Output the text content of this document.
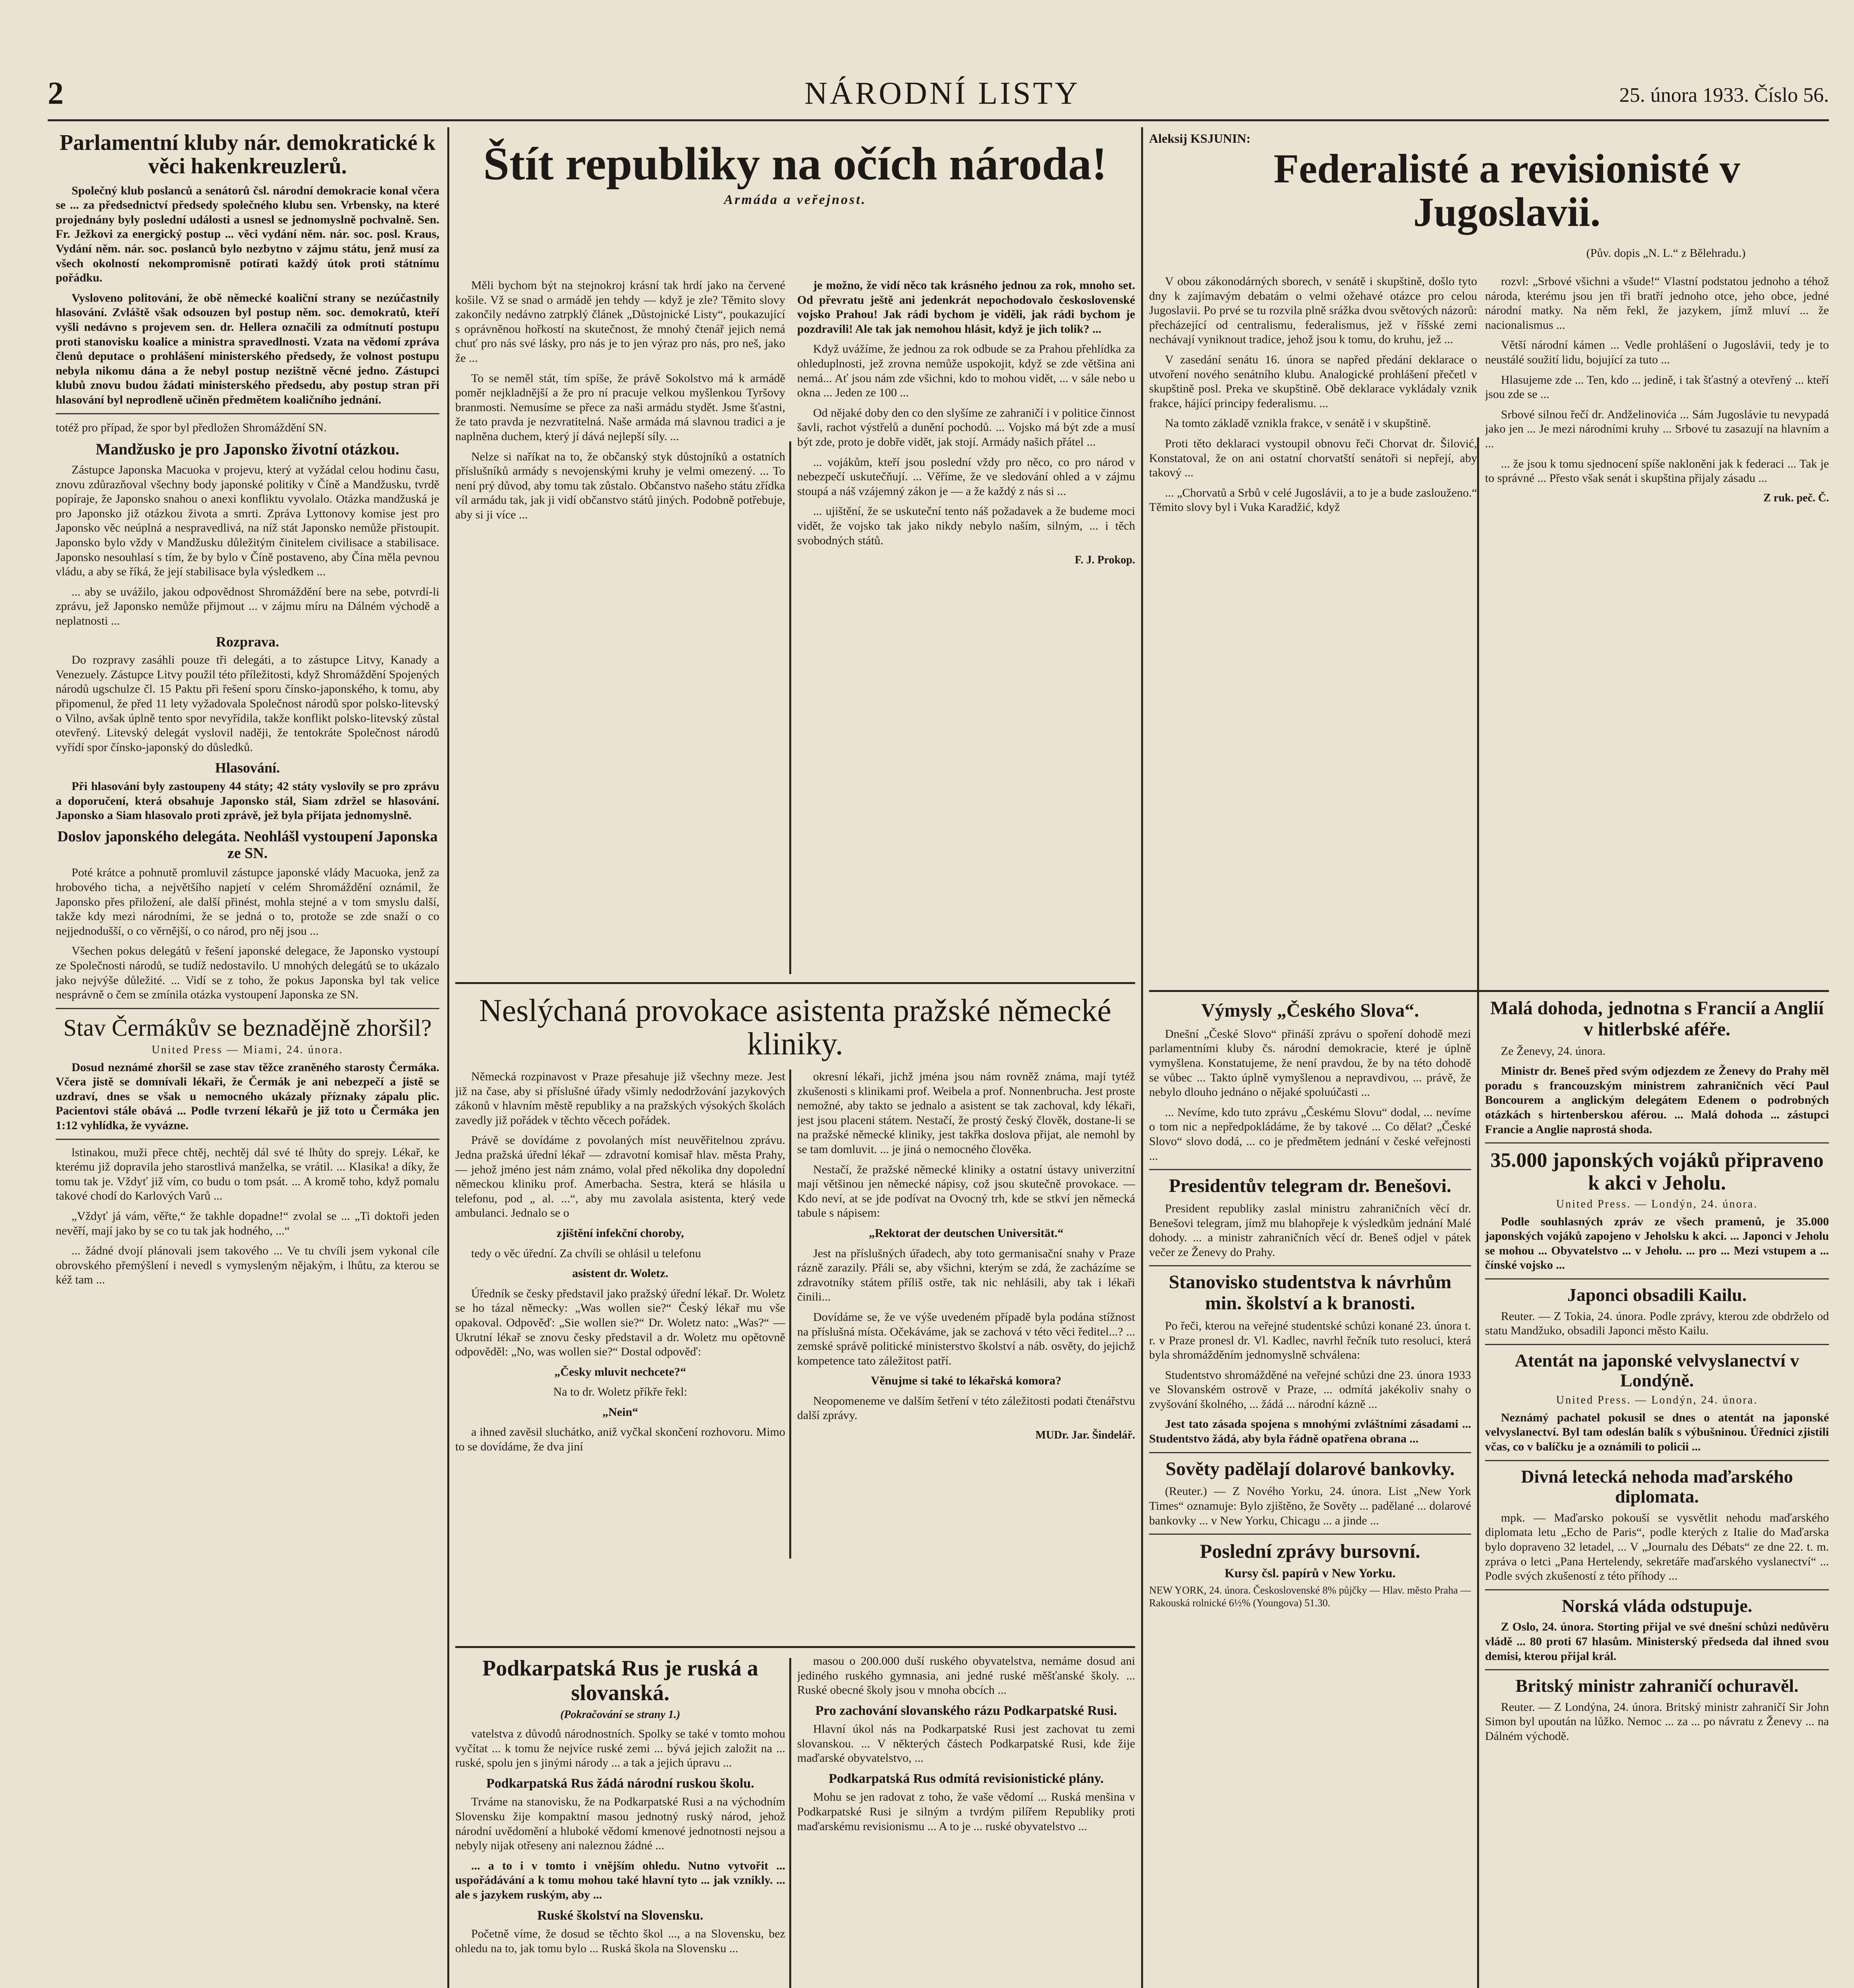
2	NÁRODNÍ LISTY	25. února 1933. Číslo 56.
Parlamentní kluby nár. demokratické k věci hakenkreuzlerů.

Společný klub poslanců a senátorů čsl. národní demokracie konal včera se ... za předsednictví předsedy společného klubu sen. Vrbensky, na které projednány byly poslední události a usnesl se jednomyslně pochvalně. Sen. Fr. Ježkovi za energický postup ... věci vydání něm. nár. soc. posl. Kraus, Vydání něm. nár. soc. poslanců bylo nezbytno v zájmu státu, jenž musí za všech okolností nekompromisně potírati každý útok proti státnímu pořádku.

Vysloveno politování, že obě německé koaliční strany se nezúčastnily hlasování. Zvláště však odsouzen byl postup něm. soc. demokratů, kteří vyšli nedávno s projevem sen. dr. Hellera označili za odmítnutí postupu proti stanovisku koalice a ministra spravedlnosti. Vzata na vědomí zpráva členů deputace o prohlášení ministerského předsedy, že volnost postupu nebyla nikomu dána a že nebyl postup nezištně věcné jedno. Zástupci klubů znovu budou žádati ministerského předsedu, aby postup stran při hlasování byl neprodleně učiněn předmětem koaličního jednání.

totéž pro případ, že spor byl předložen Shromáždění SN.
Mandžusko je pro Japonsko životní otázkou.

Zástupce Japonska Macuoka v projevu, který at vyžádal celou hodinu času, znovu zdůrazňoval všechny body japonské politiky v Číně a Mandžusku, tvrdě popíraje, že Japonsko snahou o anexi konfliktu vyvolalo. Otázka mandžuská je pro Japonsko již otázkou života a smrti. Zpráva Lyttonovy komise jest pro Japonsko věc neúplná a nespravedlivá, na níž stát Japonsko nemůže přistoupit. Japonsko bylo vždy v Mandžusku důležitým činitelem civilisace a stabilisace. Japonsko nesouhlasí s tím, že by bylo v Číně postaveno, aby Čína měla pevnou vládu, a aby se říká, že její stabilisace byla výsledkem ...

... aby se uvážilo, jakou odpovědnost Shromáždění bere na sebe, potvrdí-li zprávu, jež Japonsko nemůže přijmout ... v zájmu míru na Dálném východě a neplatnosti ...

Rozprava.

Do rozpravy zasáhli pouze tři delegáti, a to zástupce Litvy, Kanady a Venezuely. Zástupce Litvy použil této příležitosti, když Shromáždění Spojených národů ugschulze čl. 15 Paktu při řešení sporu čínsko-japonského, k tomu, aby připomenul, že před 11 lety vyžadovala Společnost národů spor polsko-litevský o Vilno, avšak úplně tento spor nevyřídila, takže konflikt polsko-litevský zůstal otevřený. Litevský delegát vyslovil naději, že tentokráte Společnost národů vyřídí spor čínsko-japonský do důsledků.

Hlasování.

Při hlasování byly zastoupeny 44 státy; 42 státy vyslovily se pro zprávu a doporučení, která obsahuje Japonsko stál, Siam zdržel se hlasování. Japonsko a Siam hlasovalo proti zprávě, jež byla přijata jednomyslně.

Doslov japonského delegáta. Neohlášl vystoupení Japonska ze SN.

Poté krátce a pohnutě promluvil zástupce japonské vlády Macuoka, jenž za hrobového ticha, a největšího napjetí v celém Shromáždění oznámil, že Japonsko přes přiložení, ale další přinést, mohla stejné a v tom smyslu další, takže kdy mezi národními, že se jedná o to, protože se zde snaží o co nejjednodušší, o co věrnější, o co národ, pro něj jsou ...

Všechen pokus delegátů v řešení japonské delegace, že Japonsko vystoupí ze Společnosti národů, se tudíž nedostavilo. U mnohých delegátů se to ukázalo jako nejvýše důležité. ... Vidí se z toho, že pokus Japonska byl tak velice nesprávně o čem se zmínila otázka vystoupení Japonska ze SN.

Stav Čermákův se beznadějně zhoršil?
United Press — Miami, 24. února.

Dosud neznámé zhoršil se zase stav těžce zraněného starosty Čermáka. Včera jistě se domnívali lékaři, že Čermák je ani nebezpečí a jistě se uzdraví, dnes se však u nemocného ukázaly příznaky zápalu plic. Pacientovi stále obává ... Podle tvrzení lékařů je již toto u Čermáka jen 1:12 vyhlídka, že vyvázne.

lstinakou, muži přece chtěj, nechtěj dál své té lhůty do sprejy. Lékař, ke kterému již dopravila jeho starostlivá manželka, se vrátil. ... Klasika! a díky, že tomu tak je. Vždyť již vím, co budu o tom psát. ... A kromě toho, když pomalu takové chodí do Karlových Varů ...

„Vždyť já vám, věřte,“ že takhle dopadne!“ zvolal se ... „Ti doktoři jeden nevěří, mají jako by se co tu tak jak hodného, ...“

... žádné dvojí plánovali jsem takového ... Ve tu chvíli jsem vykonal cíle obrovského přemýšlení i nevedl s vymysleným nějakým, i lhůtu, za kterou se kéž tam ...

Štít republiky na očích národa!
Armáda a veřejnost.

Měli bychom být na stejnokroj krásní tak hrdí jako na červené košile. Vž se snad o armádě jen tehdy — když je zle? Těmito slovy zakončily nedávno zatrpklý článek „Důstojnické Listy“, poukazující s oprávněnou hořkostí na skutečnost, že mnohý čtenář jejich nemá chuť pro nás své lásky, pro nás je to jen výraz pro nás, pro neš, jako že ...

To se neměl stát, tím spíše, že právě Sokolstvo má k armádě poměr nejkladnější a že pro ní pracuje velkou myšlenkou Tyršovy branmosti. Nemusíme se přece za naši armádu stydět. Jsme šťastni, že tato pravda je nezvratitelná. Naše armáda má slavnou tradici a je naplněna duchem, který jí dává nejlepší síly. ...

Nelze si naříkat na to, že občanský styk důstojníků a ostatních příslušníků armády s nevojenskými kruhy je velmi omezený. ... To není prý důvod, aby tomu tak zůstalo. Občanstvo našeho státu zřídka víl armádu tak, jak ji vidí občanstvo států jiných. Podobně potřebuje, aby si ji více ...

je možno, že vidí něco tak krásného jednou za rok, mnoho set. Od převratu ještě ani jedenkrát nepochodovalo československé vojsko Prahou! Jak rádi bychom je viděli, jak rádi bychom je pozdravili! Ale tak jak nemohou hlásit, když je jich tolik? ...

Když uvážíme, že jednou za rok odbude se za Prahou přehlídka za ohleduplnosti, jež zrovna nemůže uspokojit, když se zde většina ani nemá... Ať jsou nám zde všichni, kdo to mohou vidět, ... v sále nebo u okna ... Jeden ze 100 ...

Od nějaké doby den co den slyšíme ze zahraničí i v politice činnost šavli, rachot výstřelů a dunění pochodů. ... Vojsko má být zde a musí být zde, proto je dobře vidět, jak stojí. Armády našich přátel ...

... vojákům, kteří jsou poslední vždy pro něco, co pro národ v nebezpečí uskutečňují. ... Věříme, že ve sledování ohled a v zájmu stoupá a náš vzájemný zákon je — a že každý z nás si ...

... ujištění, že se uskuteční tento náš požadavek a že budeme moci vidět, že vojsko tak jako nikdy nebylo naším, silným, ... i těch svobodných států.

F. J. Prokop.
Neslýchaná provokace asistenta pražské německé kliniky.

Německá rozpinavost v Praze přesahuje již všechny meze. Jest již na čase, aby si příslušné úřady všimly nedodržování jazykových zákonů v hlavním městě republiky a na pražských výsokých školách zavedly již pořádek v těchto věcech pořádek.

Právě se dovídáme z povolaných míst neuvěřitelnou zprávu. Jedna pražská úřední lékař — zdravotní komisař hlav. města Prahy, — jehož jméno jest nám známo, volal před několika dny dopolední německou kliniku prof. Amerbacha. Sestra, která se hlásila u telefonu, pod „ al. ...“, aby mu zavolala asistenta, který vede ambulanci. Jednalo se o

zjištění infekční choroby,

tedy o věc úřední. Za chvíli se ohlásil u telefonu

asistent dr. Woletz.

Úředník se česky představil jako pražský úřední lékař. Dr. Woletz se ho tázal německy: „Was wollen sie?“ Český lékař mu vše opakoval. Odpověď: „Sie wollen sie?“ Dr. Woletz nato: „Was?“ — Ukrutní lékař se znovu česky představil a dr. Woletz mu opětovně odpověděl: „No, was wollen sie?“ Dostal odpověď:

„Česky mluvit nechcete?“

Na to dr. Woletz příkře řekl:

„Nein“

a ihned zavěsil sluchátko, aniž vyčkal skončení rozhovoru. Mimo to se dovídáme, že dva jiní

okresní lékaři, jichž jména jsou nám rovněž známa, mají tytéž zkušenosti s klinikami prof. Weibela a prof. Nonnenbrucha. Jest proste nemožné, aby takto se jednalo a asistent se tak zachoval, kdy lékaři, jest jsou placeni státem. Nestačí, že prostý český člověk, dostane-li se na pražské německé kliniky, jest takřka doslova přijat, ale nemohl by se tam domluvit. ... je jiná o nemocného člověka.

Nestačí, že pražské německé kliniky a ostatní ústavy univerzitní mají většinou jen německé nápisy, což jsou skutečně provokace. — Kdo neví, at se jde podívat na Ovocný trh, kde se stkví jen německá tabule s nápisem:

„Rektorat der deutschen Universität.“

Jest na příslušných úřadech, aby toto germanisační snahy v Praze rázně zarazily. Přáli se, aby všichni, kterým se zdá, že zacházíme se zdravotníky státem příliš ostře, tak nic nehlásili, aby tak i lékaři činili...

Dovídáme se, že ve výše uvedeném případě byla podána stížnost na příslušná místa. Očekáváme, jak se zachová v této věci ředitel...? ... zemské správě politické ministerstvo školství a náb. osvěty, do jejichž kompetence tato záležitost patří.

Věnujme si také to lékařská komora?

Neopomeneme ve dalším šetření v této záležitosti podati čtenářstvu další zprávy.

MUDr. Jar. Šindelář.
Podkarpatská Rus je ruská a slovanská.
(Pokračování se strany 1.)

vatelstva z důvodů národnostních. Spolky se také v tomto mohou vyčítat ... k tomu že nejvíce ruské zemi ... bývá jejich založit na ... ruské, spolu jen s jinými národy ... a tak a jejich úpravu ...

Podkarpatská Rus žádá národní ruskou školu.

Trváme na stanovisku, že na Podkarpatské Rusi a na východním Slovensku žije kompaktní masou jednotný ruský národ, jehož národní uvědomění a hluboké vědomí kmenové jednotnosti nejsou a nebyly nijak otřeseny ani naleznou žádné ...

... a to i v tomto i vnějším ohledu. Nutno vytvořit ... uspořádávání a k tomu mohou také hlavní tyto ... jak vznikly. ... ale s jazykem ruským, aby ...

Ruské školství na Slovensku.

Početně víme, že dosud se těchto škol ..., a na Slovensku, bez ohledu na to, jak tomu bylo ... Ruská škola na Slovensku ...

masou o 200.000 duší ruského obyvatelstva, nemáme dosud ani jediného ruského gymnasia, ani jedné ruské měšťanské školy. ... Ruské obecné školy jsou v mnoha obcích ...

Pro zachování slovanského rázu Podkarpatské Rusi.

Hlavní úkol nás na Podkarpatské Rusi jest zachovat tu zemi slovanskou. ... V některých částech Podkarpatské Rusi, kde žije maďarské obyvatelstvo, ...

Podkarpatská Rus odmítá revisionistické plány.

Mohu se jen radovat z toho, že vaše vědomí ... Ruská menšina v Podkarpatské Rusi je silným a tvrdým pilířem Republiky proti maďarskému revisionismu ... A to je ... ruské obyvatelstvo ...

Aleksij KSJUNIN:
Federalisté a revisionisté v Jugoslavii.
(Pův. dopis „N. L.“ z Bělehradu.)

V obou zákonodárných sborech, v senátě i skupštině, došlo tyto dny k zajímavým debatám o velmi ožehavé otázce pro celou Jugoslavii. Po prvé se tu rozvila plně srážka dvou světových názorů: přecházející od centralismu, federalismus, jež v říšské zemi nechávají vyniknout tradice, jehož jsou k tomu, do kruhu, jež ...

V zasedání senátu 16. února se napřed předání deklarace o utvoření nového senátního klubu. Analogické prohlášení přečetl v skupštině posl. Preka ve skupštině. Obě deklarace vykládaly vznik frakce, hájící principy federalismu. ...

Na tomto základě vznikla frakce, v senátě i v skupštině.

Proti těto deklaraci vystoupil obnovu řeči Chorvat dr. Šilović, Konstatoval, že on ani ostatní chorvatští senátoři si nepřejí, aby takový ...

... „Chorvatů a Srbů v celé Jugoslávii, a to je a bude zaslouženo.“ Těmito slovy byl i Vuka Karadžić, když

rozvl: „Srbové všichni a všude!“ Vlastní podstatou jednoho a téhož národa, kterému jsou jen tři bratří jednoho otce, jeho obce, jedné národní matky. Na něm řekl, že jazykem, jímž mluví ... že nacionalismus ...

Větší národní kámen ... Vedle prohlášení o Jugoslávii, tedy je to neustálé soužití lidu, bojující za tuto ...

Hlasujeme zde ... Ten, kdo ... jedině, i tak šťastný a otevřený ... kteří jsou zde se ...

Srbové silnou řečí dr. Andželinovića ... Sám Jugoslávie tu nevypadá jako jen ... Je mezi národními kruhy ... Srbové tu zasazují na hlavním a ...

... že jsou k tomu sjednocení spíše nakloněni jak k federaci ... Tak je to správné ... Přesto však senát i skupština přijaly zásadu ...

Z ruk. peč. Č.
Výmysly „Českého Slova“.

Dnešní „České Slovo“ přináší zprávu o spoření dohodě mezi parlamentními kluby čs. národní demokracie, které je úplně vymyšlena. Konstatujeme, že není pravdou, že by na této dohodě se vůbec ... Takto úplně vymyšlenou a nepravdivou, ... právě, že nebylo dlouho jednáno o nějaké spoluúčasti ...

... Nevíme, kdo tuto zprávu „Českému Slovu“ dodal, ... nevíme o tom nic a nepředpokládáme, že by takové ... Co dělat? „České Slovo“ slovo dodá, ... co je předmětem jednání v české veřejnosti ...

Presidentův telegram dr. Benešovi.

President republiky zaslal ministru zahraničních věcí dr. Benešovi telegram, jímž mu blahopřeje k výsledkům jednání Malé dohody. ... a ministr zahraničních věcí dr. Beneš odjel v pátek večer ze Ženevy do Prahy.

Stanovisko studentstva k návrhům min. školství a k branosti.

Po řeči, kterou na veřejné studentské schůzi konané 23. února t. r. v Praze pronesl dr. Vl. Kadlec, navrhl řečník tuto resoluci, která byla shromážděním jednomyslně schválena:

Studentstvo shromážděné na veřejné schůzi dne 23. února 1933 ve Slovanském ostrově v Praze, ... odmítá jakékoliv snahy o zvyšování školného, ... žádá ... národní kázně ...

Jest tato zásada spojena s mnohými zvláštními zásadami ... Studentstvo žádá, aby byla řádně opatřena obrana ...

Sověty padělají dolarové bankovky.

(Reuter.) — Z Nového Yorku, 24. února. List „New York Times“ oznamuje: Bylo zjištěno, že Sověty ... padělané ... dolarové bankovky ... v New Yorku, Chicagu ... a jinde ...

Poslední zprávy bursovní.
Kursy čsl. papírů v New Yorku.
NEW YORK, 24. února. Československé 8% půjčky — Hlav. město Praha — Rakouská rolnické 6½% (Youngova) 51.30.
Malá dohoda, jednotna s Francií a Anglií v hitlerbské aféře.

Ze Ženevy, 24. února.

Ministr dr. Beneš před svým odjezdem ze Ženevy do Prahy měl poradu s francouzským ministrem zahraničních věcí Paul Boncourem a anglickým delegátem Edenem o podrobných otázkách s hirtenberskou aférou. ... Malá dohoda ... zástupci Francie a Anglie naprostá shoda.

35.000 japonských vojáků připraveno k akci v Jeholu.
United Press. — Londýn, 24. února.

Podle souhlasných zpráv ze všech pramenů, je 35.000 japonských vojáků zapojeno v Jeholsku k akci. ... Japonci v Jeholu se mohou ... Obyvatelstvo ... v Jeholu. ... pro ... Mezi vstupem a ... čínské vojsko ...

Japonci obsadili Kailu.

Reuter. — Z Tokia, 24. února. Podle zprávy, kterou zde obdrželo od statu Mandžuko, obsadili Japonci město Kailu.

Atentát na japonské velvyslanectví v Londýně.
United Press. — Londýn, 24. února.

Neznámý pachatel pokusil se dnes o atentát na japonské velvyslanectví. Byl tam odeslán balík s výbušninou. Úředníci zjistili včas, co v balíčku je a oznámili to policii ...

Divná letecká nehoda maďarského diplomata.

mpk. — Maďarsko pokouší se vysvětlit nehodu maďarského diplomata letu „Echo de Paris“, podle kterých z Italie do Maďarska bylo dopraveno 32 letadel, ... V „Journalu des Débats“ ze dne 22. t. m. zpráva o letci „Pana Hertelendy, sekretáře maďarského vyslanectví“ ... Podle svých zkušeností z této příhody ...

Norská vláda odstupuje.

Z Oslo, 24. února. Storting přijal ve své dnešní schůzi nedůvěru vládě ... 80 proti 67 hlasům. Ministerský předseda dal ihned svou demisi, kterou přijal král.

Britský ministr zahraničí ochuravěl.

Reuter. — Z Londýna, 24. února. Britský ministr zahraničí Sir John Simon byl upoután na lůžko. Nemoc ... za ... po návratu z Ženevy ... na Dálném východě.
